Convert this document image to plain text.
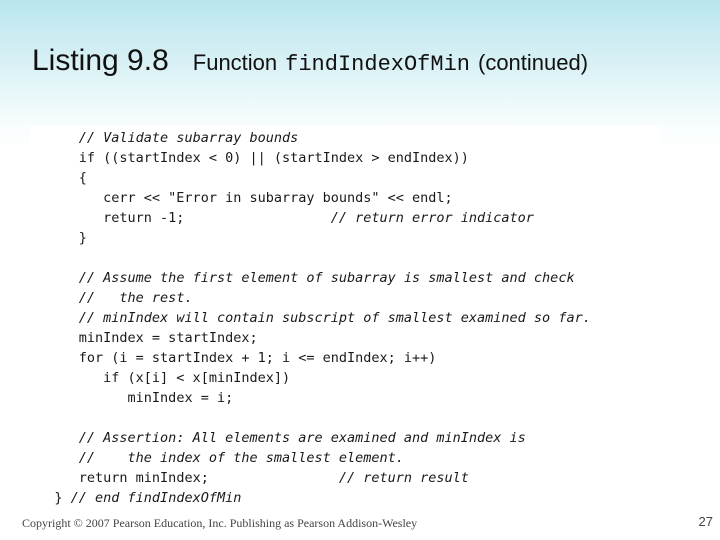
Listing 9.8 Function findIndexOfMin (continued)
// Validate subarray bounds
if ((startIndex < 0) || (startIndex > endIndex))
{
cerr << "Error in subarray bounds" << endl;
return -1;                  // return error indicator
}
// Assume the first element of subarray is smallest and check
//   the rest.
// minIndex will contain subscript of smallest examined so far.
minIndex = startIndex;
for (i = startIndex + 1; i <= endIndex; i++)
if (x[i] < x[minIndex])
minIndex = i;
// Assertion: All elements are examined and minIndex is
//    the index of the smallest element.
return minIndex;                // return result
} // end findIndexOfMin
Copyright © 2007 Pearson Education, Inc. Publishing as Pearson Addison-Wesley	27
